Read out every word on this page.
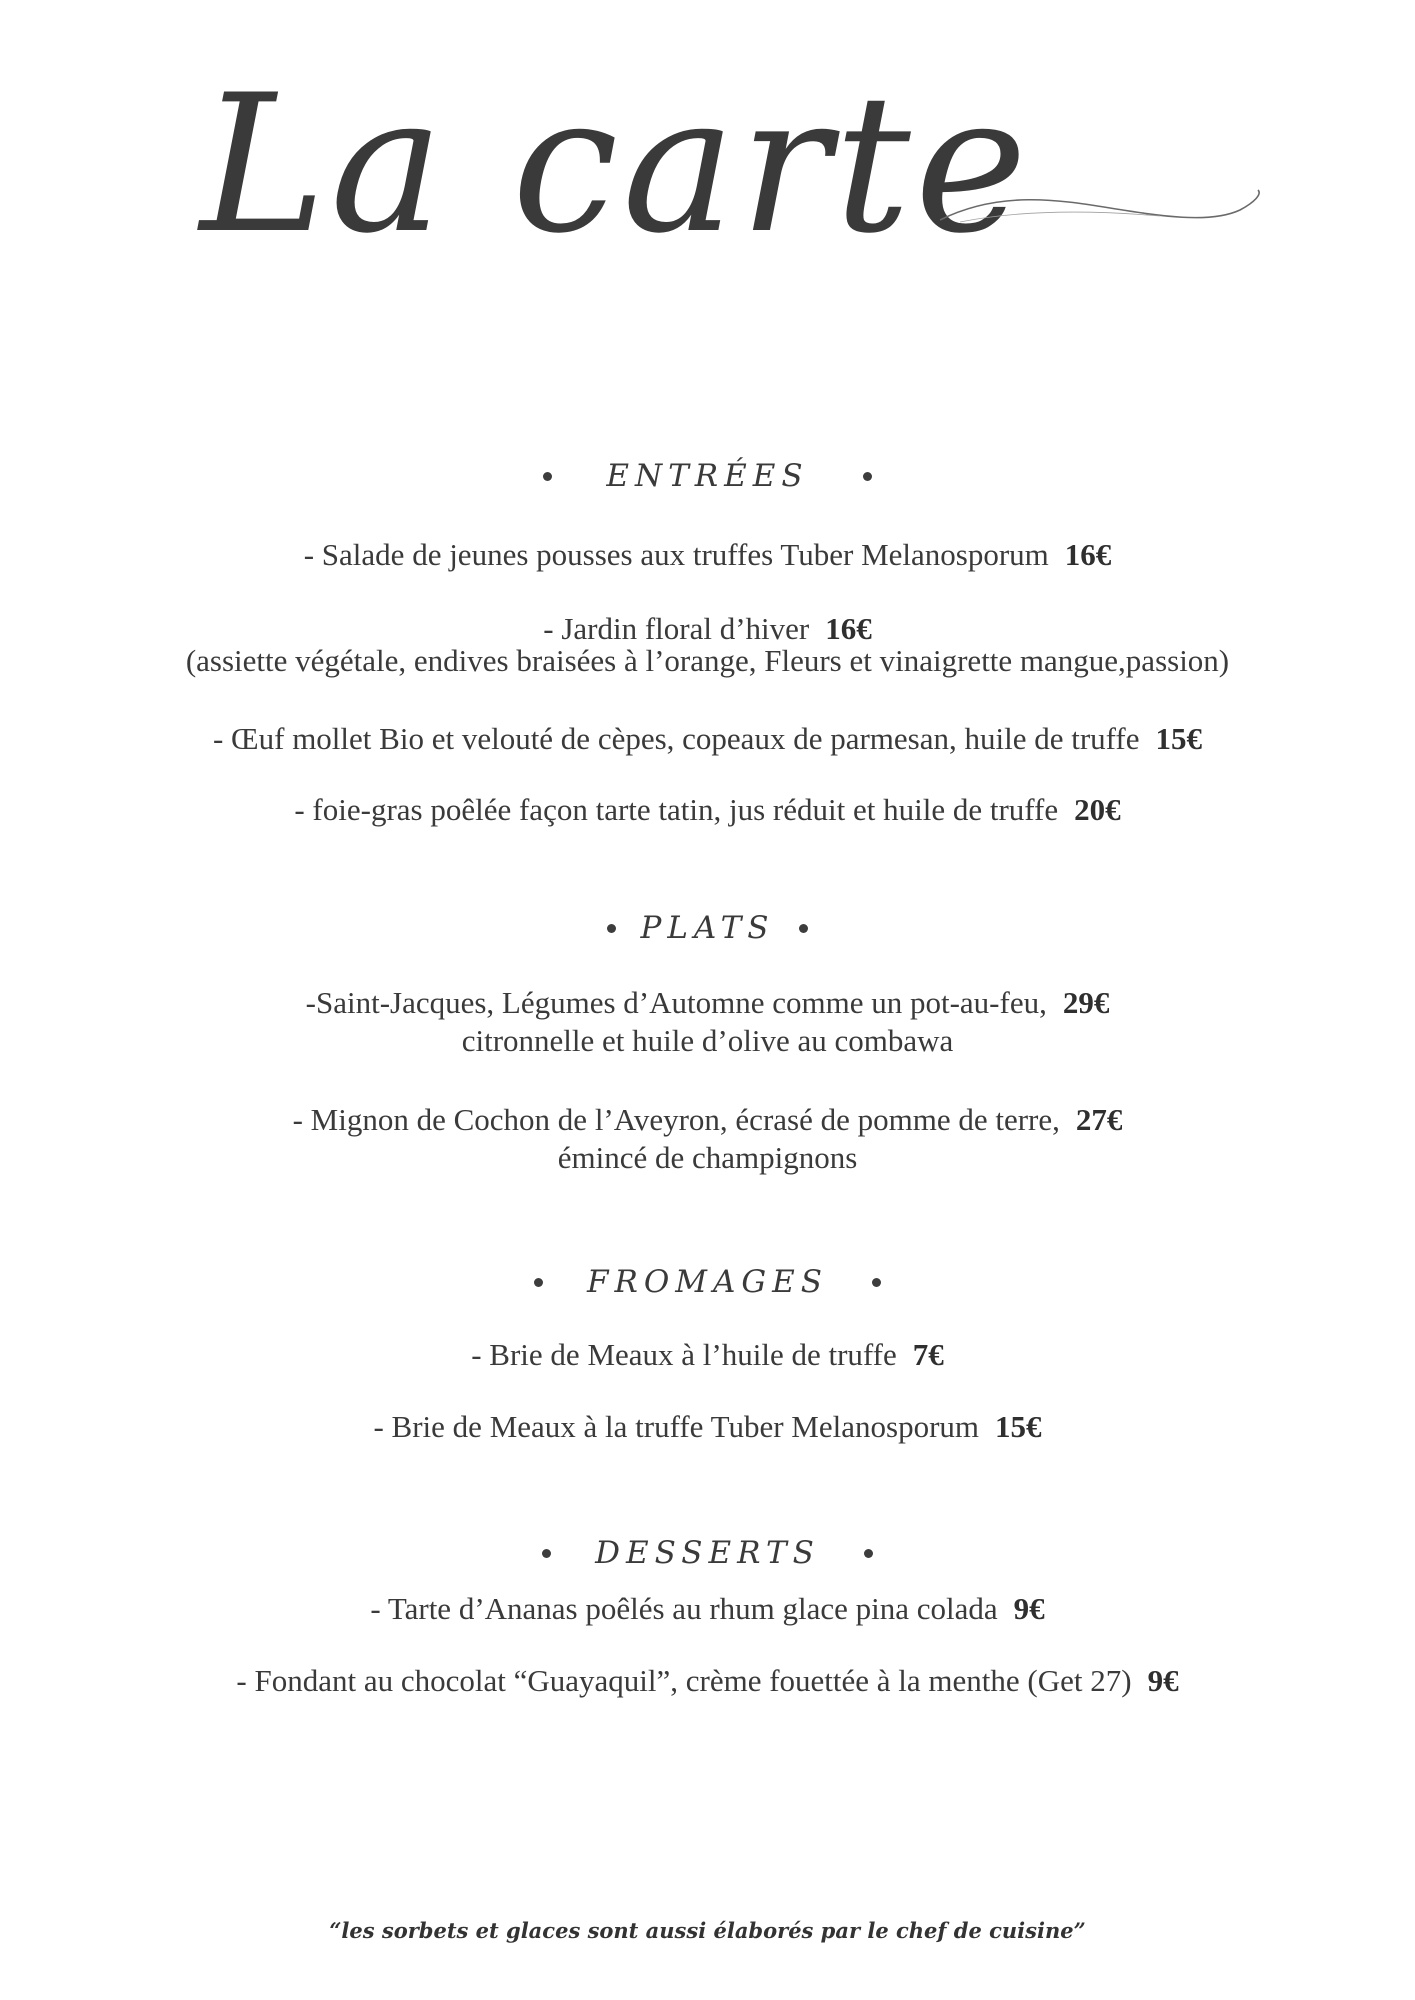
La carte
ENTRÉES
- Salade de jeunes pousses aux truffes Tuber Melanosporum 16€
- Jardin floral d’hiver 16€
(assiette végétale, endives braisées à l’orange, Fleurs et vinaigrette mangue,passion)
- Œuf mollet Bio et velouté de cèpes, copeaux de parmesan, huile de truffe 15€
- foie-gras poêlée façon tarte tatin, jus réduit et huile de truffe 20€
PLATS
-Saint-Jacques, Légumes d’Automne comme un pot-au-feu, 29€
citronnelle et huile d’olive au combawa
- Mignon de Cochon de l’Aveyron, écrasé de pomme de terre, 27€
émincé de champignons
FROMAGES
- Brie de Meaux à l’huile de truffe 7€
- Brie de Meaux à la truffe Tuber Melanosporum 15€
DESSERTS
- Tarte d’Ananas poêlés au rhum glace pina colada 9€
- Fondant au chocolat “Guayaquil”, crème fouettée à la menthe (Get 27) 9€
“les sorbets et glaces sont aussi élaborés par le chef de cuisine”
